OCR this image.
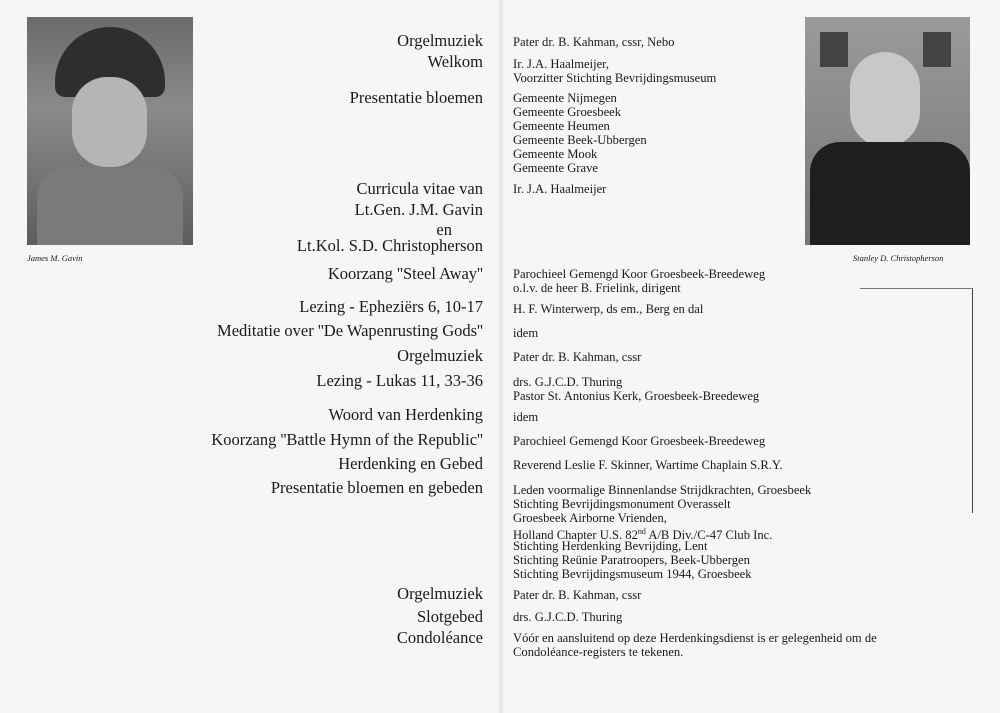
James M. Gavin	Stanley D. Christopherson
Orgelmuziek
Welkom
Presentatie bloemen
Curricula vitae van
Lt.Gen. J.M. Gavin
en
Lt.Kol. S.D. Christopherson
Koorzang ''Steel Away''
Lezing - Epheziërs 6, 10-17
Meditatie over ''De Wapenrusting Gods''
Orgelmuziek
Lezing - Lukas 11, 33-36
Woord van Herdenking
Koorzang ''Battle Hymn of the Republic''
Herdenking en Gebed
Presentatie bloemen en gebeden
Orgelmuziek
Slotgebed
Condoléance
Pater dr. B. Kahman, cssr, Nebo
Ir. J.A. Haalmeijer,
Voorzitter Stichting Bevrijdingsmuseum
Gemeente Nijmegen
Gemeente Groesbeek
Gemeente Heumen
Gemeente Beek-Ubbergen
Gemeente Mook
Gemeente Grave
Ir. J.A. Haalmeijer
Parochieel Gemengd Koor Groesbeek-Breedeweg
o.l.v. de heer B. Frielink, dirigent
H. F. Winterwerp, ds em., Berg en dal
idem
Pater dr. B. Kahman, cssr
drs. G.J.C.D. Thuring
Pastor St. Antonius Kerk, Groesbeek-Breedeweg
idem
Parochieel Gemengd Koor Groesbeek-Breedeweg
Reverend Leslie F. Skinner, Wartime Chaplain S.R.Y.
Leden voormalige Binnenlandse Strijdkrachten, Groesbeek
Stichting Bevrijdingsmonument Overasselt
Groesbeek Airborne Vrienden,
Holland Chapter U.S. 82nd A/B Div./C-47 Club Inc.
Stichting Herdenking Bevrijding, Lent
Stichting Reünie Paratroopers, Beek-Ubbergen
Stichting Bevrijdingsmuseum 1944, Groesbeek
Pater dr. B. Kahman, cssr
drs. G.J.C.D. Thuring
Vóór en aansluitend op deze Herdenkingsdienst is er gelegenheid om de
Condoléance-registers te tekenen.
